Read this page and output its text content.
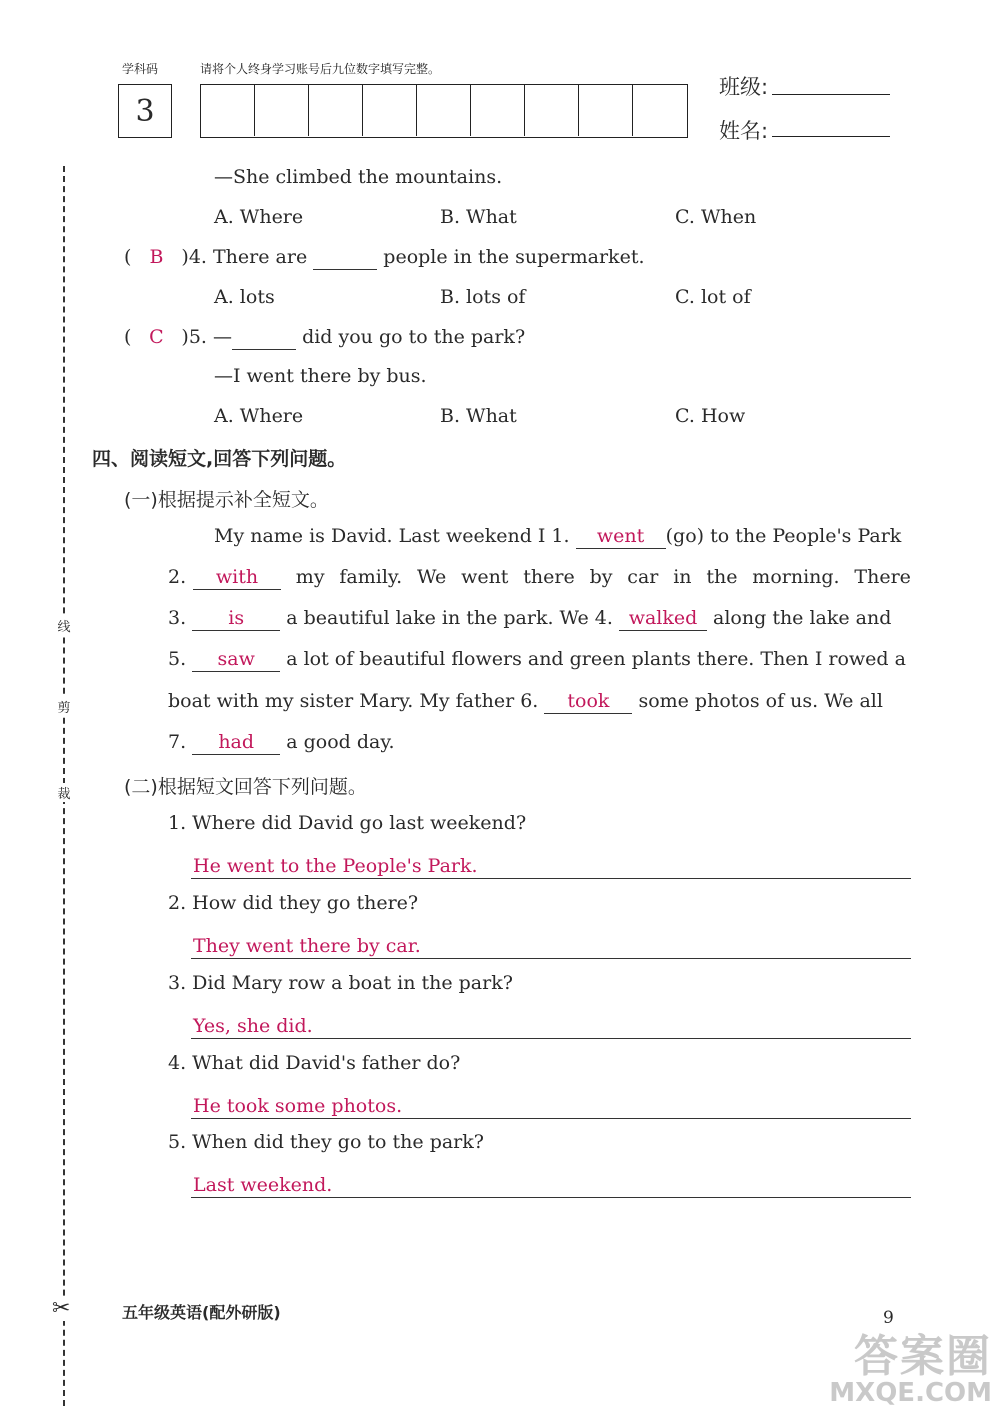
学科码	请将个人终身学习账号后九位数字填写完整。
3
班级:
姓名:
线
剪
裁
✂
—She climbed the mountains.
A. Where	B. What	C. When
( B )4. There are	people in the supermarket.
A. lots	B. lots of	C. lot of
( C )5. —	did you go to the park?
—I went there by bus.
A. Where	B. What	C. How
四、阅读短文,回答下列问题。
(一)根据提示补全短文。
My name is David. Last weekend I 1. went (go) to the People's Park
2.	with	my family. We went there by car in the morning. There
3. is a beautiful lake in the park. We 4. walked along the lake and
5. saw a lot of beautiful flowers and green plants there. Then I rowed a
boat with my sister Mary. My father 6. took some photos of us. We all
7. had a good day.
(二)根据短文回答下列问题。
1. Where did David go last weekend?
He went to the People's Park.
2. How did they go there?
They went there by car.
3. Did Mary row a boat in the park?
Yes, she did.
4. What did David's father do?
He took some photos.
5. When did they go to the park?
Last weekend.
五年级英语(配外研版)	9
答案圈
MXQE.COM
